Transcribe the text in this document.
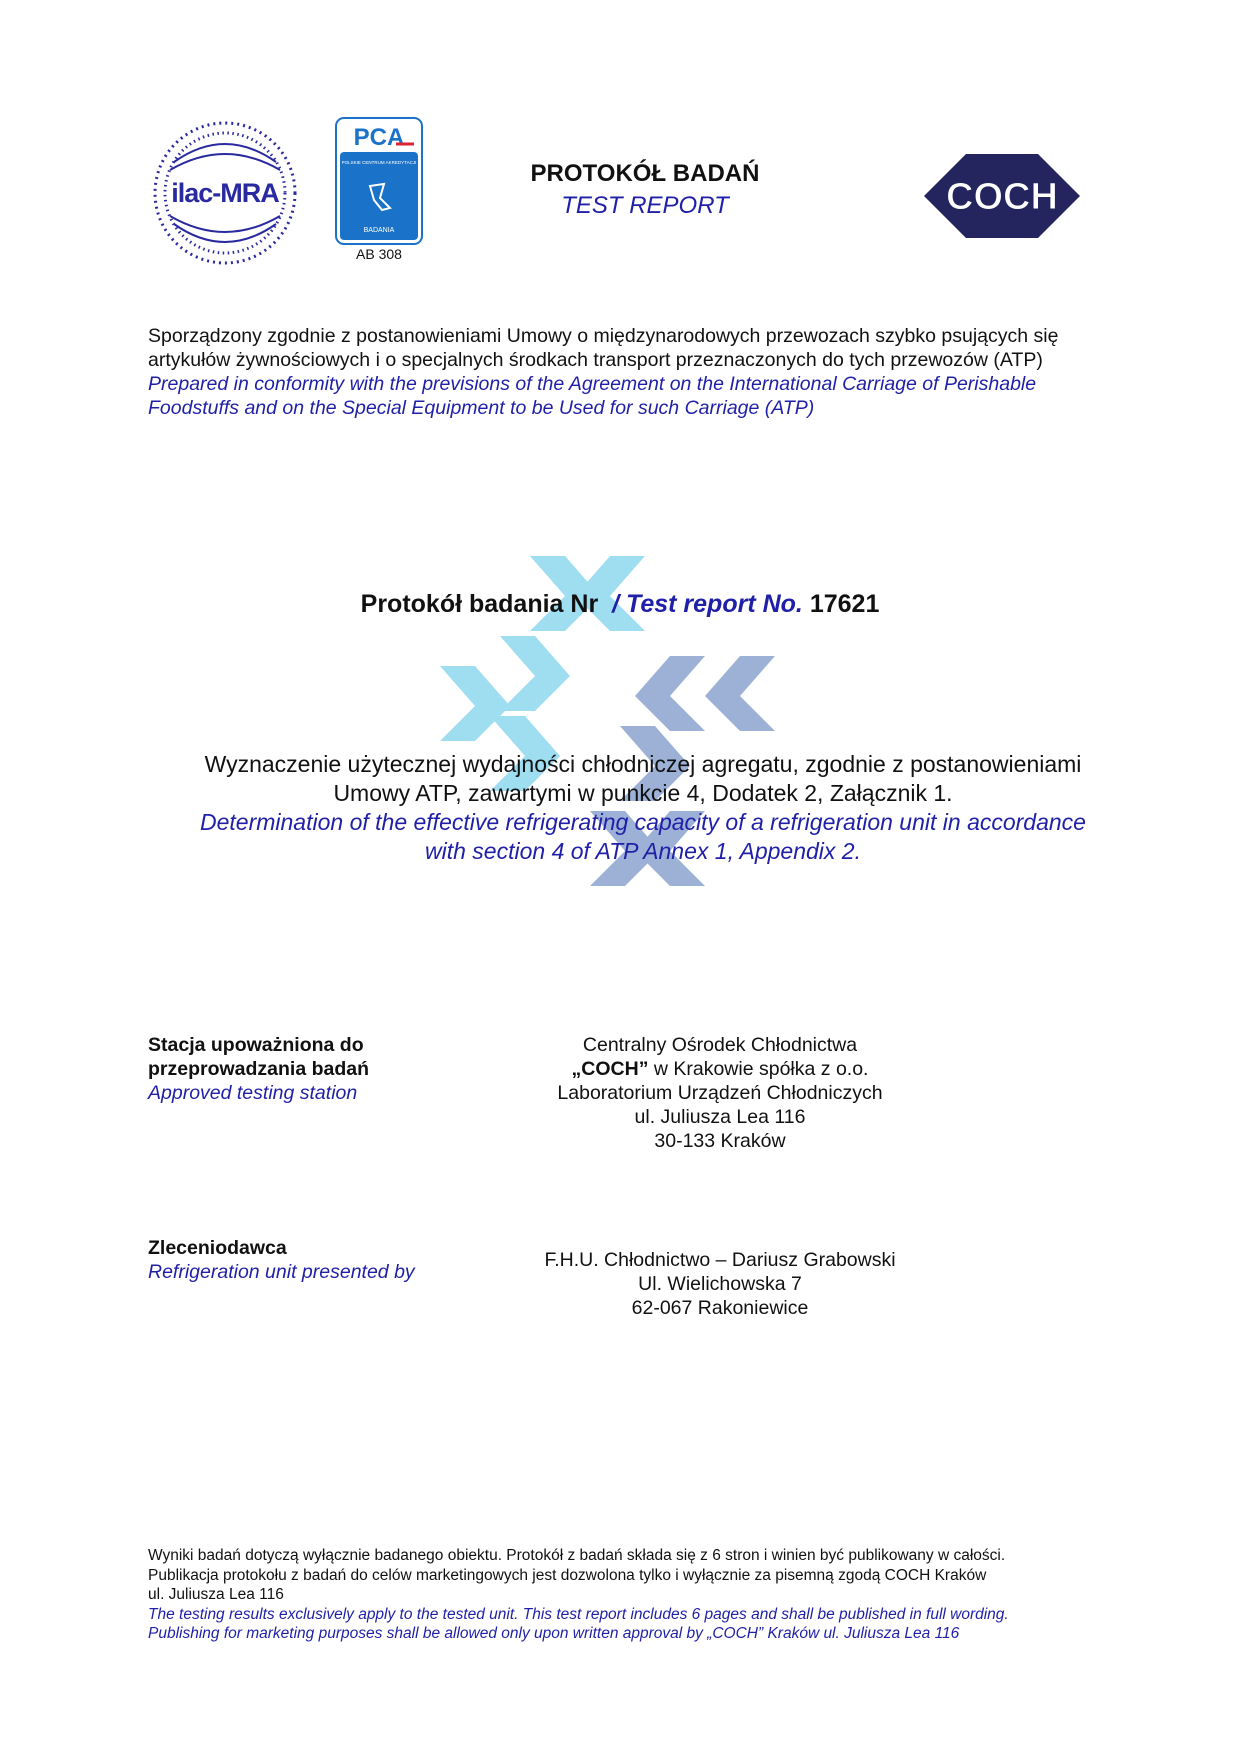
ilac-MRA
PCA
POLSKIE CENTRUM AKREDYTACJI
BADANIA
AB 308
PROTOKÓŁ BADAŃ
TEST REPORT	COCH
Sporządzony zgodnie z postanowieniami Umowy o międzynarodowych przewozach szybko psujących się
artykułów żywnościowych i o specjalnych środkach transport przeznaczonych do tych przewozów (ATP)
Prepared in conformity with the previsions of the Agreement on the International Carriage of Perishable
Foodstuffs and on the Special Equipment to be Used for such Carriage (ATP)
Protokół badania Nr / Test report No. 17621
Wyznaczenie użytecznej wydajności chłodniczej agregatu, zgodnie z postanowieniami
Umowy ATP, zawartymi w punkcie 4, Dodatek 2, Załącznik 1.
Determination of the effective refrigerating capacity of a refrigeration unit in accordance
with section 4 of ATP Annex 1, Appendix 2.
Stacja upoważniona do
przeprowadzania badań
Approved testing station
Centralny Ośrodek Chłodnictwa
„COCH” w Krakowie spółka z o.o.
Laboratorium Urządzeń Chłodniczych
ul. Juliusza Lea 116
30-133 Kraków
Zleceniodawca
Refrigeration unit presented by
F.H.U. Chłodnictwo – Dariusz Grabowski
Ul. Wielichowska 7
62-067 Rakoniewice
Wyniki badań dotyczą wyłącznie badanego obiektu. Protokół z badań składa się z 6 stron i winien być publikowany w całości.
Publikacja protokołu z badań do celów marketingowych jest dozwolona tylko i wyłącznie za pisemną zgodą COCH Kraków
ul. Juliusza Lea 116
The testing results exclusively apply to the tested unit. This test report includes 6 pages and shall be published in full wording.
Publishing for marketing purposes shall be allowed only upon written approval by „COCH” Kraków ul. Juliusza Lea 116
